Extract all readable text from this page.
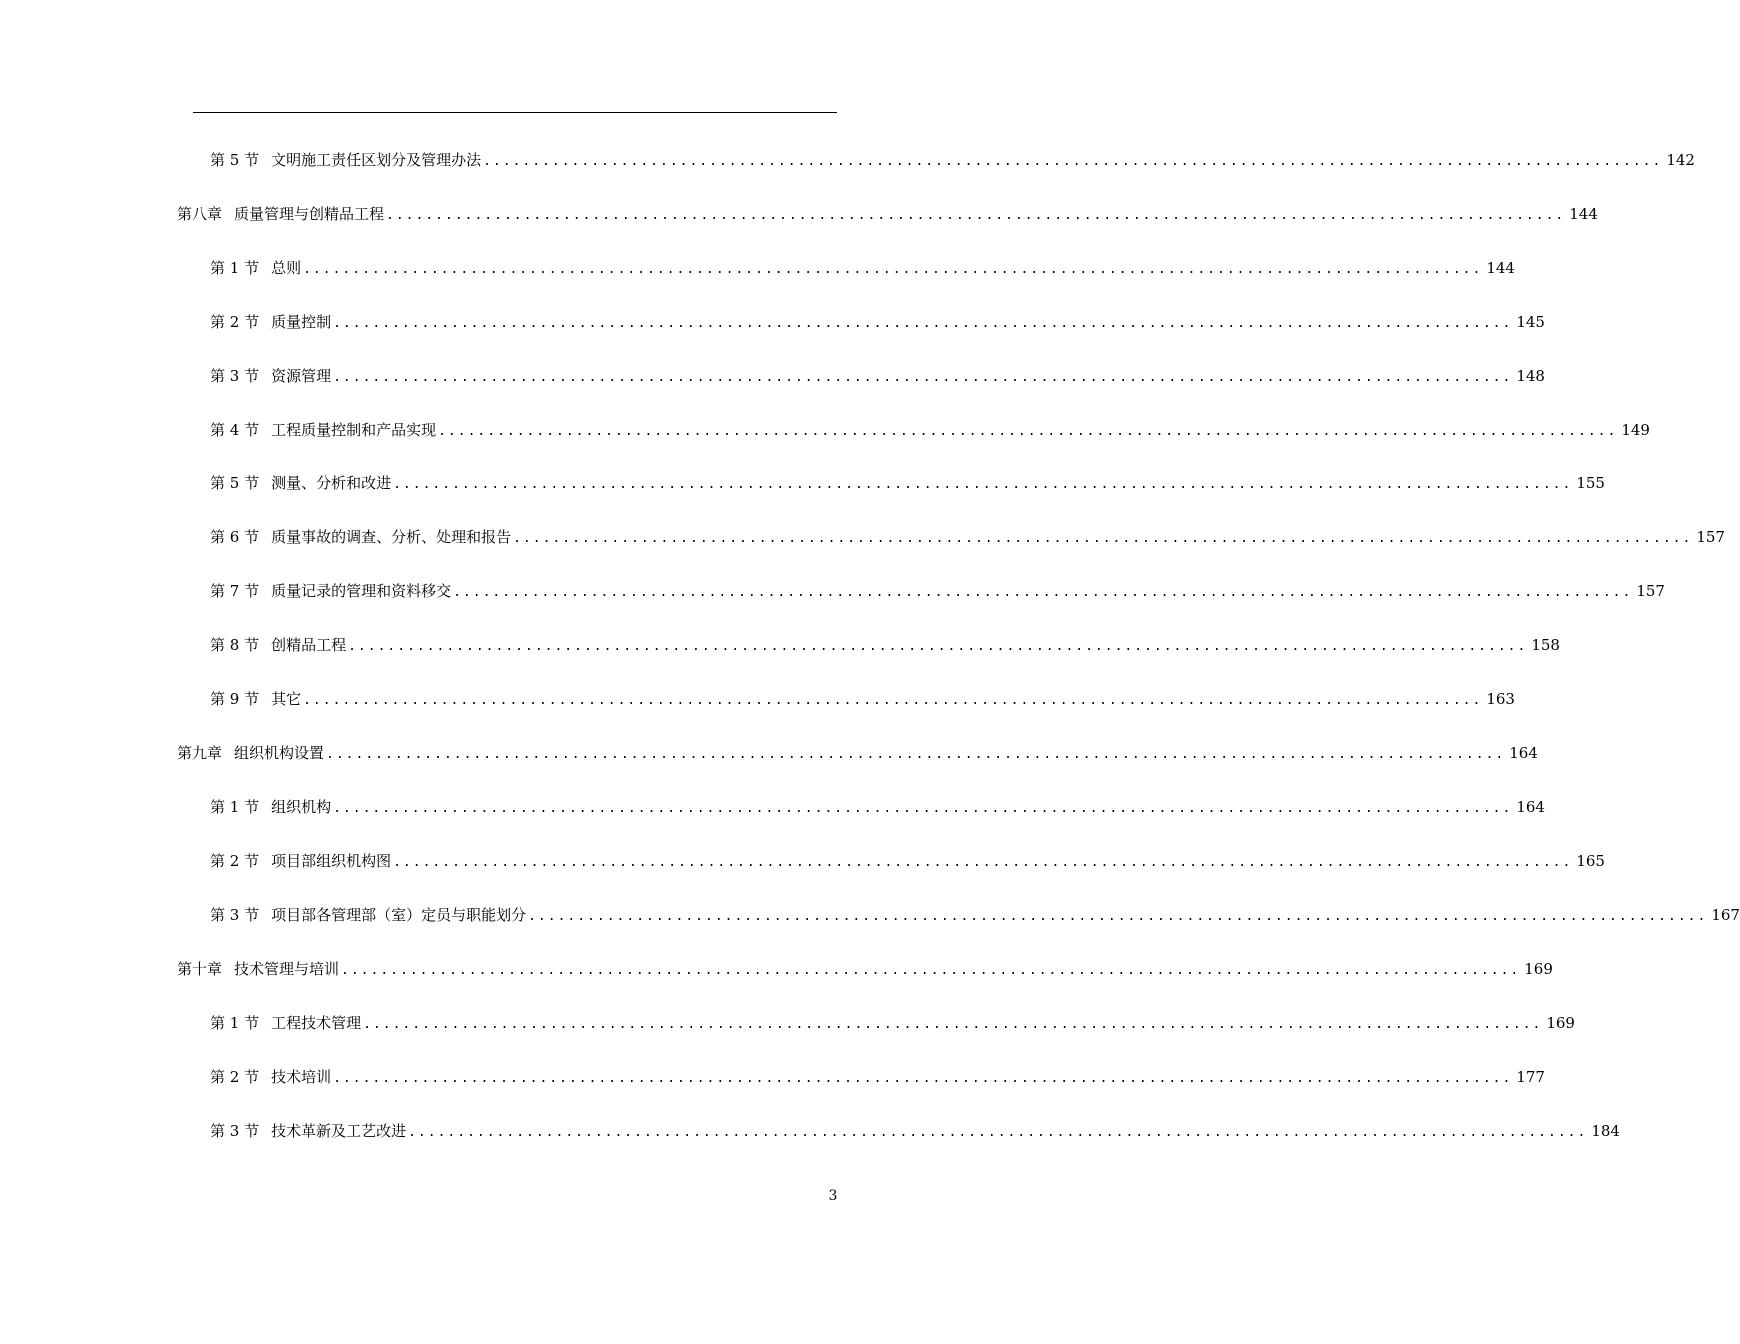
第 5 节 文明施工责任区划分及管理办法 ........................................................................................................................ 142
第八章 质量管理与创精品工程 ........................................................................................................................ 144
第 1 节 总则 ........................................................................................................................ 144
第 2 节 质量控制 ........................................................................................................................ 145
第 3 节 资源管理 ........................................................................................................................ 148
第 4 节 工程质量控制和产品实现 ........................................................................................................................ 149
第 5 节 测量、分析和改进 ........................................................................................................................ 155
第 6 节 质量事故的调查、分析、处理和报告 ........................................................................................................................ 157
第 7 节 质量记录的管理和资料移交 ........................................................................................................................ 157
第 8 节 创精品工程 ........................................................................................................................ 158
第 9 节 其它 ........................................................................................................................ 163
第九章 组织机构设置 ........................................................................................................................ 164
第 1 节 组织机构 ........................................................................................................................ 164
第 2 节 项目部组织机构图 ........................................................................................................................ 165
第 3 节 项目部各管理部（室）定员与职能划分 ........................................................................................................................ 167
第十章 技术管理与培训 ........................................................................................................................ 169
第 1 节 工程技术管理 ........................................................................................................................ 169
第 2 节 技术培训 ........................................................................................................................ 177
第 3 节 技术革新及工艺改进 ........................................................................................................................ 184
3
